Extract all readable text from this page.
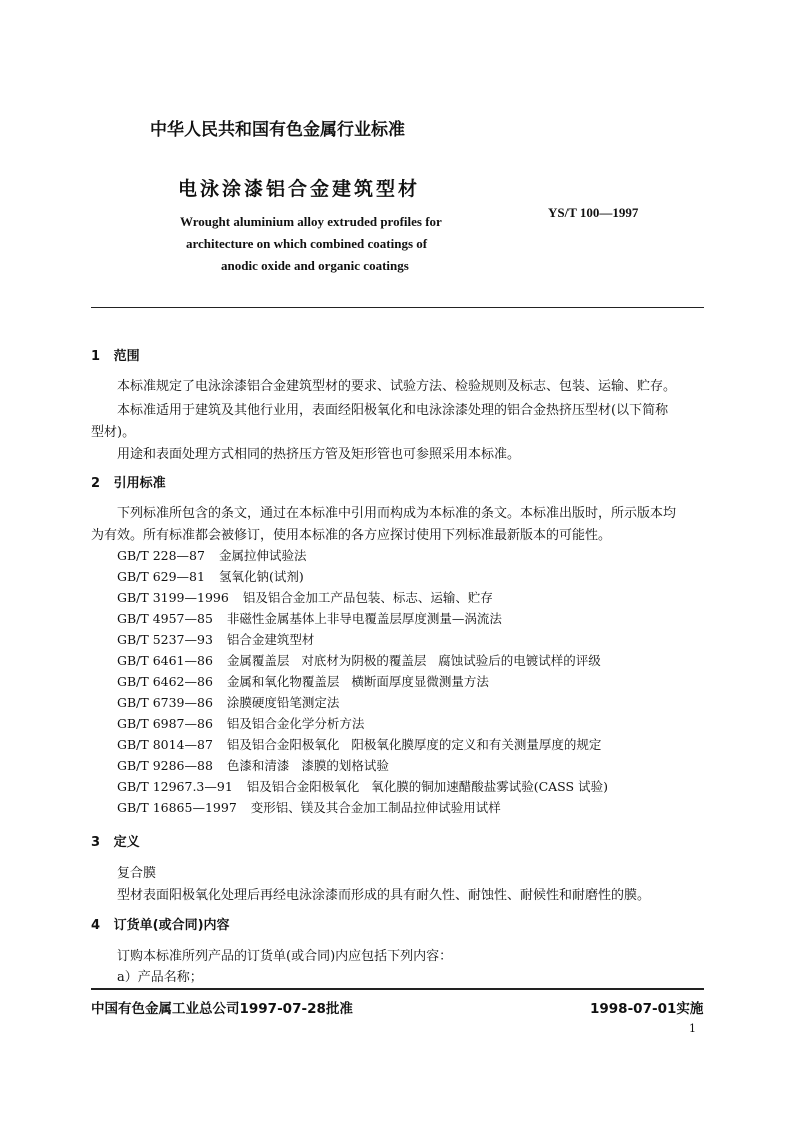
中华人民共和国有色金属行业标准
电泳涂漆铝合金建筑型材
YS/T 100—1997
Wrought aluminium alloy extruded profiles for
architecture on which combined coatings of
anodic oxide and organic coatings
1   范围
本标准规定了电泳涂漆铝合金建筑型材的要求、试验方法、检验规则及标志、包装、运输、贮存。
本标准适用于建筑及其他行业用，表面经阳极氧化和电泳涂漆处理的铝合金热挤压型材(以下简称
型材)。
用途和表面处理方式相同的热挤压方管及矩形管也可参照采用本标准。
2   引用标准
下列标准所包含的条文，通过在本标准中引用而构成为本标准的条文。本标准出版时，所示版本均
为有效。所有标准都会被修订，使用本标准的各方应探讨使用下列标准最新版本的可能性。
GB/T 228—87 金属拉伸试验法
GB/T 629—81 氢氧化钠(试剂)
GB/T 3199—1996 铝及铝合金加工产品包装、标志、运输、贮存
GB/T 4957—85 非磁性金属基体上非导电覆盖层厚度测量—涡流法
GB/T 5237—93 铝合金建筑型材
GB/T 6461—86 金属覆盖层   对底材为阴极的覆盖层   腐蚀试验后的电镀试样的评级
GB/T 6462—86 金属和氧化物覆盖层   横断面厚度显微测量方法
GB/T 6739—86 涂膜硬度铅笔测定法
GB/T 6987—86 铝及铝合金化学分析方法
GB/T 8014—87 铝及铝合金阳极氧化   阳极氧化膜厚度的定义和有关测量厚度的规定
GB/T 9286—88 色漆和清漆   漆膜的划格试验
GB/T 12967.3—91 铝及铝合金阳极氧化   氧化膜的铜加速醋酸盐雾试验(CASS 试验)
GB/T 16865—1997 变形铝、镁及其合金加工制品拉伸试验用试样
3   定义
复合膜
型材表面阳极氧化处理后再经电泳涂漆而形成的具有耐久性、耐蚀性、耐候性和耐磨性的膜。
4   订货单(或合同)内容
订购本标准所列产品的订货单(或合同)内应包括下列内容：
a）产品名称；
中国有色金属工业总公司1997-07-28批准	1998-07-01实施
1
